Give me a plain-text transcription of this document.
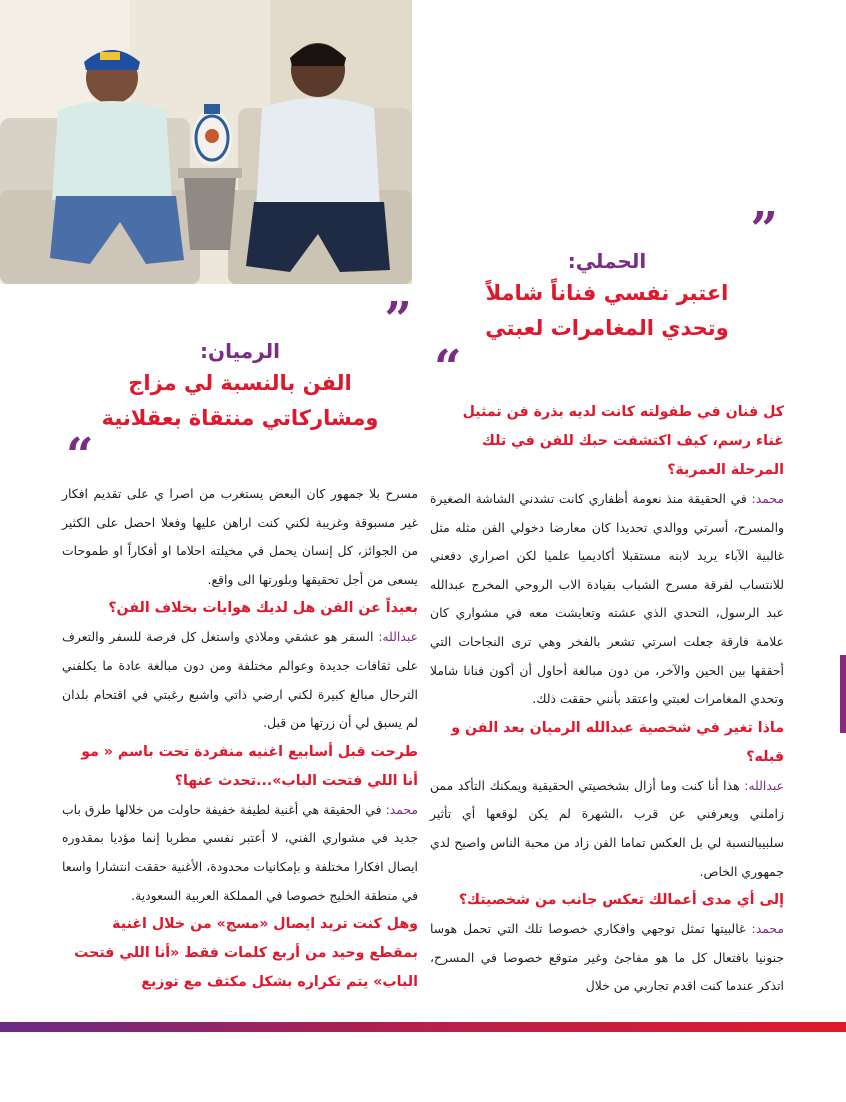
”
الحملي:
اعتبر نفسي فناناً شاملاً
وتحدي المغامرات لعبتي
“

كل فنان في طفولته كانت لديه بذرة فن تمثيل غناء رسم، كيف اكتشفت حبك للفن في تلك المرحلة العمرية؟

محمد: في الحقيقة منذ نعومة أظفاري كانت تشدني الشاشة الصغيرة والمسرح، أسرتي ووالدي تحديدا كان معارضا دخولي الفن مثله مثل غالبية الآباء يريد لابنه مستقبلا أكاديميا علميا لكن اصراري دفعني للانتساب لفرقة مسرح الشباب بقيادة الاب الروحي المخرج عبدالله عبد الرسول، التحدي الذي عشته وتعايشت معه في مشواري كان علامة فارقة جعلت اسرتي تشعر بالفخر وهي ترى النجاحات التي أحققها بين الحين والآخر، من دون مبالغة أحاول أن أكون فنانا شاملا وتحدي المغامرات لعبتي واعتقد بأنني حققت ذلك.

ماذا تغير في شخصية عبدالله الرميان بعد الفن و قبله؟

عبدالله: هذا أنا كنت وما أزال بشخصيتي الحقيقية ويمكنك التأكد ممن زاملني ويعرفني عن قرب ،الشهرة لم يكن لوقعها أي تأثير سلبيبالنسبة لي بل العكس تماما الفن زاد من محبة الناس واصبح لدي جمهوري الخاص.

إلى أي مدى أعمالك تعكس جانب من شخصيتك؟

محمد: غالبيتها تمثل توجهي وافكاري خصوصا تلك التي تحمل هوسا جنونيا بافتعال كل ما هو مفاجئ وغير متوقع خصوصا في المسرح، اتذكر عندما كنت اقدم تجاربي من خلال

”
الرميان:
الفن بالنسبة لي مزاج
ومشاركاتي منتقاة بعقلانية
“

مسرح بلا جمهور كان البعض يستغرب من اصرا ي على تقديم افكار غير مسبوقة وغريبة لكني كنت اراهن عليها وفعلا احصل على الكثير من الجوائز، كل إنسان يحمل في مخيلته احلاما او أفكاراً او طموحات يسعى من أجل تحقيقها وبلورتها الى واقع.

بعيداً عن الفن هل لديك هوايات بخلاف الفن؟

عبدالله: السفر هو عشقي وملاذي واستغل كل فرصة للسفر والتعرف على ثقافات جديدة وعوالم مختلفة ومن دون مبالغة عادة ما يكلفني الترحال مبالغ كبيرة لكني ارضي ذاتي واشبع رغبتي في اقتحام بلدان لم يسبق لي أن زرتها من قبل.

طرحت قبل أسابيع اغنيه منفردة تحت باسم « مو أنا اللي فتحت الباب»...تحدث عنها؟

محمد: في الحقيقة هي أغنية لطيفة خفيفة حاولت من خلالها طرق باب جديد في مشواري الفني، لا أعتبر نفسي مطربا إنما مؤديا بمقدوره ايصال افكارا مختلفة و بإمكانيات محدودة، الأغنية حققت انتشارا واسعا في منطقة الخليج خصوصا في المملكة العربية السعودية.

وهل كنت تريد ايصال «مسج» من خلال اغنية بمقطع وحيد من أربع كلمات فقط «أنا اللي فتحت الباب» يتم تكراره بشكل مكثف مع توزيع
